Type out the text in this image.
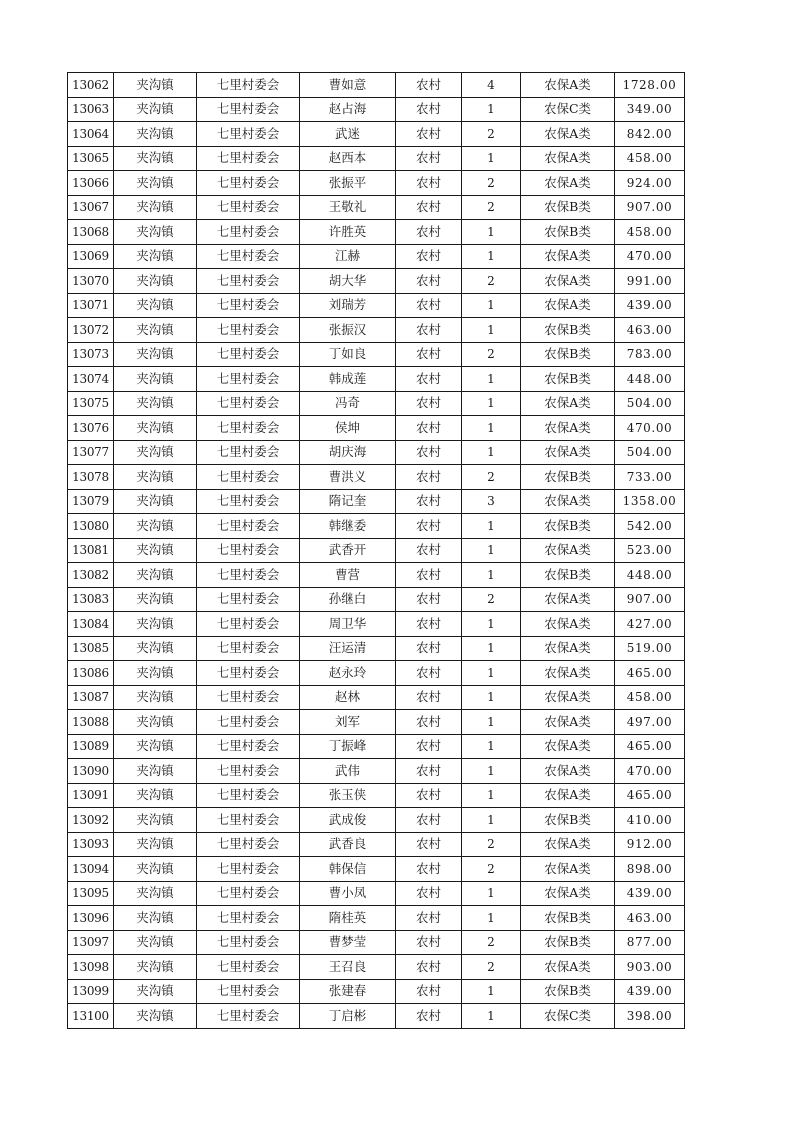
13062	夹沟镇	七里村委会	曹如意	农村	4	农保A类	1728.00
13063	夹沟镇	七里村委会	赵占海	农村	1	农保C类	349.00
13064	夹沟镇	七里村委会	武迷	农村	2	农保A类	842.00
13065	夹沟镇	七里村委会	赵西本	农村	1	农保A类	458.00
13066	夹沟镇	七里村委会	张振平	农村	2	农保A类	924.00
13067	夹沟镇	七里村委会	王敬礼	农村	2	农保B类	907.00
13068	夹沟镇	七里村委会	许胜英	农村	1	农保B类	458.00
13069	夹沟镇	七里村委会	江赫	农村	1	农保A类	470.00
13070	夹沟镇	七里村委会	胡大华	农村	2	农保A类	991.00
13071	夹沟镇	七里村委会	刘瑞芳	农村	1	农保A类	439.00
13072	夹沟镇	七里村委会	张振汉	农村	1	农保B类	463.00
13073	夹沟镇	七里村委会	丁如良	农村	2	农保B类	783.00
13074	夹沟镇	七里村委会	韩成莲	农村	1	农保B类	448.00
13075	夹沟镇	七里村委会	冯奇	农村	1	农保A类	504.00
13076	夹沟镇	七里村委会	侯坤	农村	1	农保A类	470.00
13077	夹沟镇	七里村委会	胡庆海	农村	1	农保A类	504.00
13078	夹沟镇	七里村委会	曹洪义	农村	2	农保B类	733.00
13079	夹沟镇	七里村委会	隋记奎	农村	3	农保A类	1358.00
13080	夹沟镇	七里村委会	韩继委	农村	1	农保B类	542.00
13081	夹沟镇	七里村委会	武香开	农村	1	农保A类	523.00
13082	夹沟镇	七里村委会	曹营	农村	1	农保B类	448.00
13083	夹沟镇	七里村委会	孙继白	农村	2	农保A类	907.00
13084	夹沟镇	七里村委会	周卫华	农村	1	农保A类	427.00
13085	夹沟镇	七里村委会	汪运清	农村	1	农保A类	519.00
13086	夹沟镇	七里村委会	赵永玲	农村	1	农保A类	465.00
13087	夹沟镇	七里村委会	赵林	农村	1	农保A类	458.00
13088	夹沟镇	七里村委会	刘军	农村	1	农保A类	497.00
13089	夹沟镇	七里村委会	丁振峰	农村	1	农保A类	465.00
13090	夹沟镇	七里村委会	武伟	农村	1	农保A类	470.00
13091	夹沟镇	七里村委会	张玉侠	农村	1	农保A类	465.00
13092	夹沟镇	七里村委会	武成俊	农村	1	农保B类	410.00
13093	夹沟镇	七里村委会	武香良	农村	2	农保A类	912.00
13094	夹沟镇	七里村委会	韩保信	农村	2	农保A类	898.00
13095	夹沟镇	七里村委会	曹小凤	农村	1	农保A类	439.00
13096	夹沟镇	七里村委会	隋桂英	农村	1	农保B类	463.00
13097	夹沟镇	七里村委会	曹梦莹	农村	2	农保B类	877.00
13098	夹沟镇	七里村委会	王召良	农村	2	农保A类	903.00
13099	夹沟镇	七里村委会	张建春	农村	1	农保B类	439.00
13100	夹沟镇	七里村委会	丁启彬	农村	1	农保C类	398.00
